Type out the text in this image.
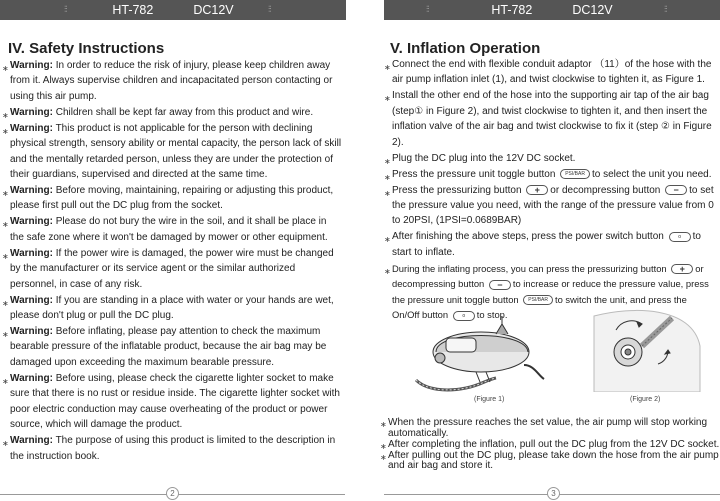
⫶⫶	HT-782	DC12V	⫶⫶
IV. Safety Instructions
∗ Warning: In order to reduce the risk of injury, please keep children away from it. Always supervise children and incapacitated person contacting or using this air pump.
∗ Warning: Children shall be kept far away from this product and wire.
∗ Warning: This product is not applicable for the person with declining physical strength, sensory ability or mental capacity, the person lack of skill and the mentally retarded person, unless they are under the protection of their guardians, supervised and directed at the same time.
∗ Warning: Before moving, maintaining, repairing or adjusting this product, please first pull out the DC plug from the socket.
∗ Warning: Please do not bury the wire in the soil, and it shall be place in the safe zone where it won't be damaged by mower or other equipment.
∗ Warning: If the power wire is damaged, the power wire must be changed by the manufacturer or its service agent or the similar authorized personnel, in case of any risk.
∗ Warning: If you are standing in a place with water or your hands are wet, please don't plug or pull the DC plug.
∗ Warning: Before inflating, please pay attention to check the maximum bearable pressure of the inflatable product, because the air bag may be damaged upon exceeding the maximum bearable pressure.
∗ Warning: Before using, please check the cigarette lighter socket to make sure that there is no rust or residue inside. The cigarette lighter socket with poor electric conduction may cause overheating of the product or power source, which will damage the product.
∗ Warning: The purpose of using this product is limited to the description in the instruction book.
⫶⫶	HT-782	DC12V	⫶⫶
V. Inflation Operation
∗ Connect the end with flexible conduit adaptor （11）of the hose with the air pump inflation inlet (1), and twist clockwise to tighten it, as Figure 1.
∗ Install the other end of the hose into the supporting air tap of the air bag (step① in Figure 2), and twist clockwise to tighten it, and then insert the inflation valve of the air bag and twist clockwise to fix it (step ② in Figure 2).
∗ Plug the DC plug into the 12V DC socket.
∗ Press the pressure unit toggle button PSI/BAR to select the unit you need.
∗ Press the pressurizing button + or decompressing button − to set the pressure value you need, with the range of the pressure value from 0 to 20PSI, (1PSI=0.0689BAR)
∗ After finishing the above steps, press the power switch button	o to start to inflate.
∗ During the inflating process, you can press the pressurizing button + or decompressing button − to increase or reduce the pressure value, press the pressure unit toggle button PSI/BAR to switch the unit, and press the On/Off button	o to stop.
(Figure 1)	(Figure 2)
∗ When the pressure reaches the set value, the air pump will stop working automatically.
∗ After completing the inflation, pull out the DC plug from the 12V DC socket.
∗ After pulling out the DC plug, please take down the hose from the air pump and air bag and store it.
2	3
